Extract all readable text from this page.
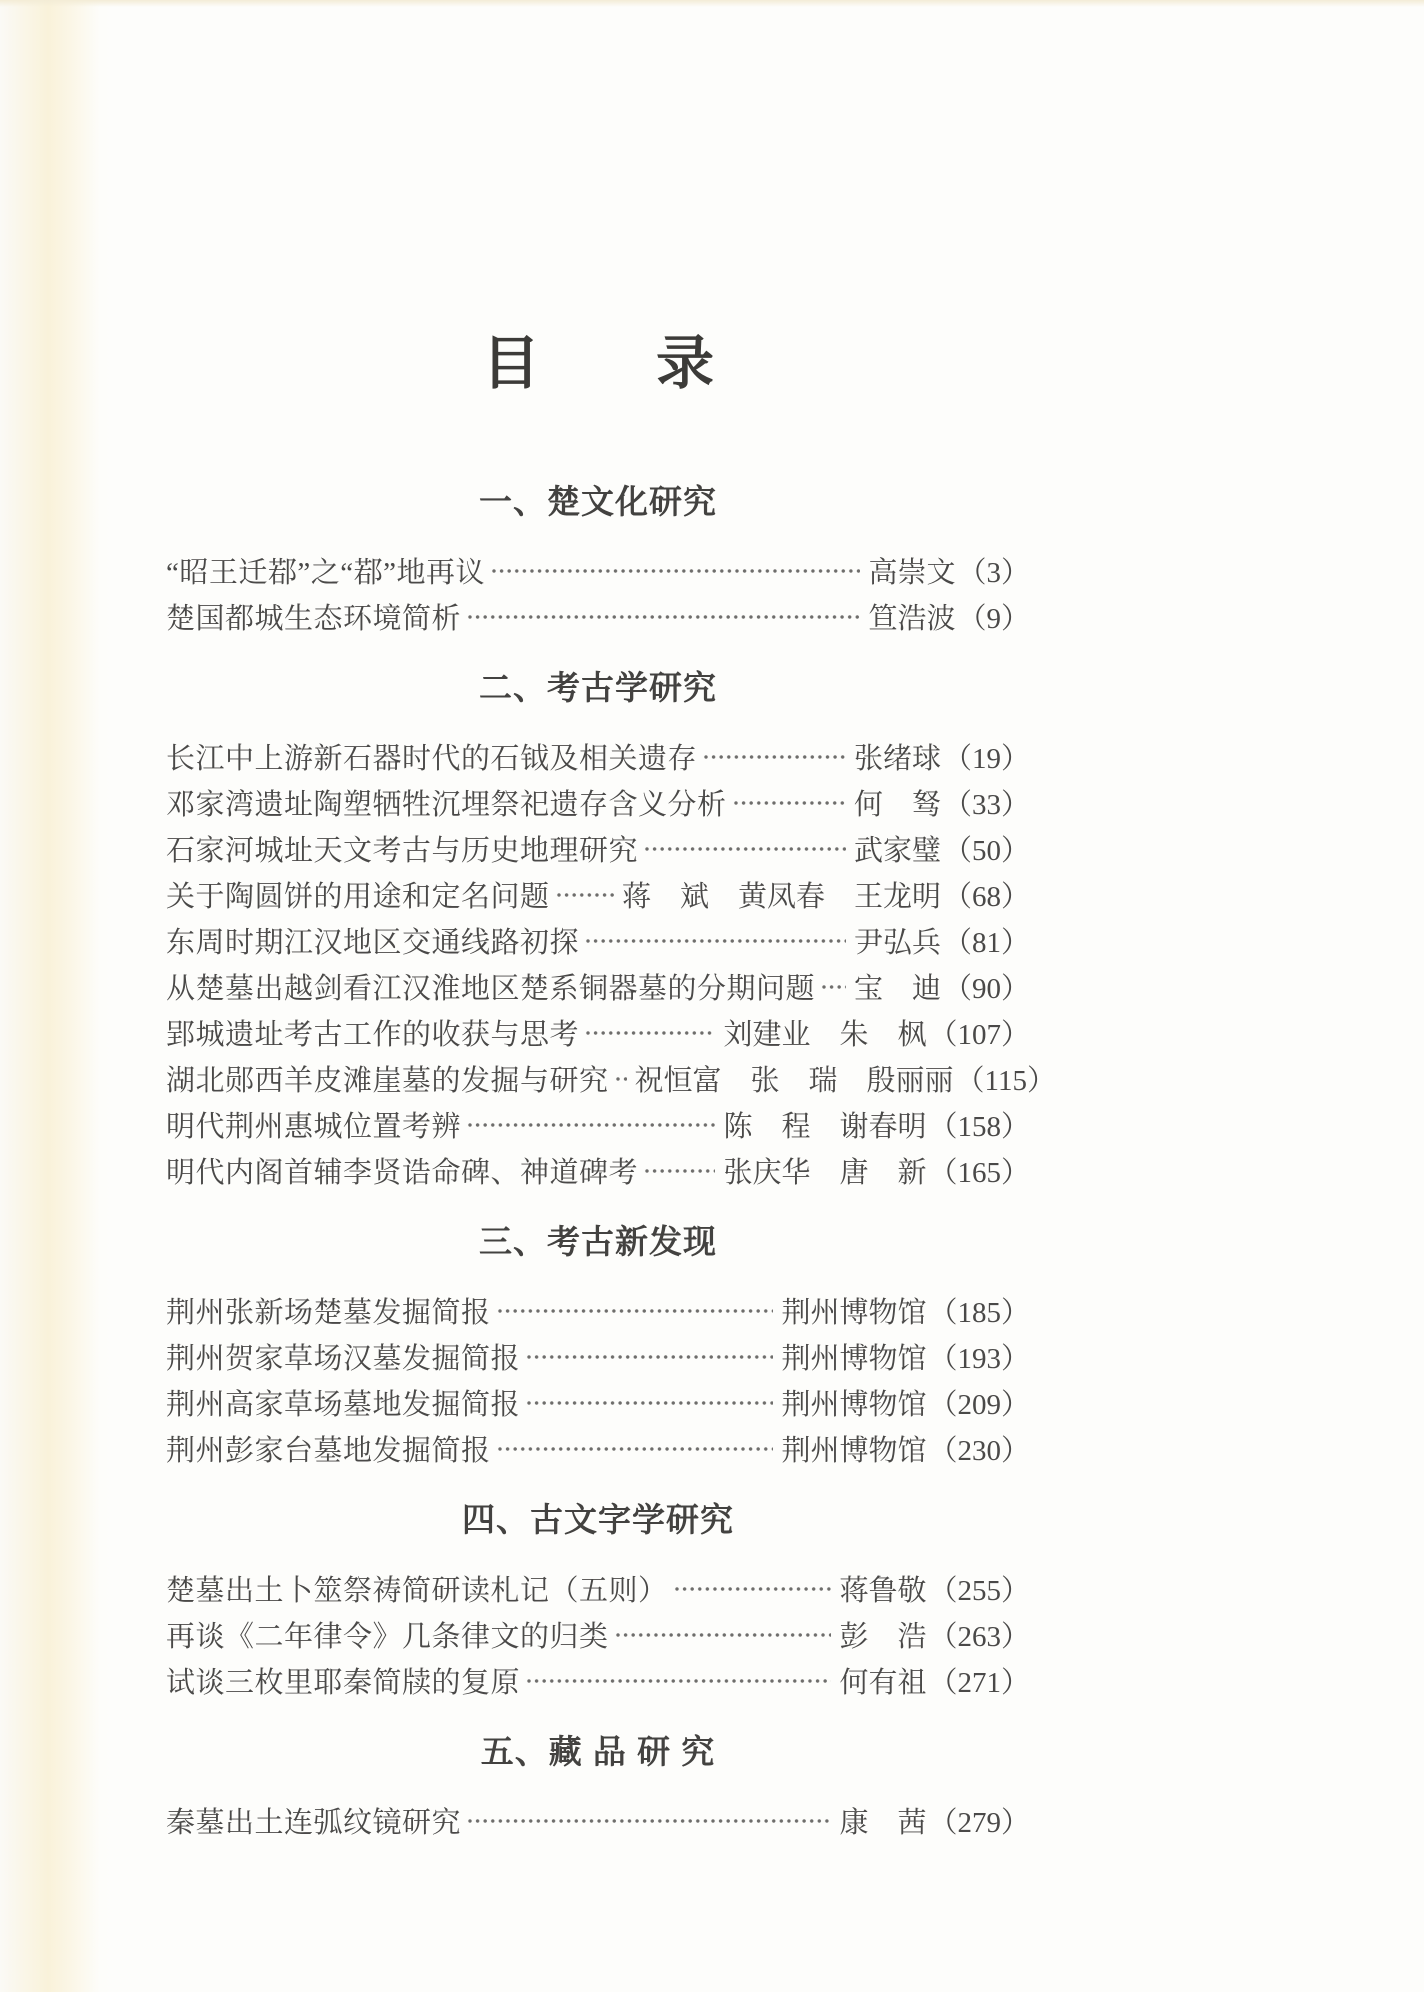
目　　录
一、楚文化研究
“昭王迁鄀”之“鄀”地再议	高崇文 （3）
楚国都城生态环境简析	笪浩波 （9）
二、考古学研究
长江中上游新石器时代的石钺及相关遗存	张绪球 （19）
邓家湾遗址陶塑牺牲沉埋祭祀遗存含义分析	何　驽 （33）
石家河城址天文考古与历史地理研究	武家璧 （50）
关于陶圆饼的用途和定名问题 蒋　斌　黄凤春　王龙明 （68）
东周时期江汉地区交通线路初探	尹弘兵 （81）
从楚墓出越剑看江汉淮地区楚系铜器墓的分期问题 宝　迪 （90）
郢城遗址考古工作的收获与思考	刘建业　朱　枫 （107）
湖北郧西羊皮滩崖墓的发掘与研究 祝恒富　张　瑞　殷丽丽 （115）
明代荆州惠城位置考辨	陈　程　谢春明 （158）
明代内阁首辅李贤诰命碑、神道碑考	张庆华　唐　新 （165）
三、考古新发现
荆州张新场楚墓发掘简报	荆州博物馆 （185）
荆州贺家草场汉墓发掘简报	荆州博物馆 （193）
荆州高家草场墓地发掘简报	荆州博物馆 （209）
荆州彭家台墓地发掘简报	荆州博物馆 （230）
四、古文字学研究
楚墓出土卜筮祭祷简研读札记（五则）	蒋鲁敬 （255）
再谈《二年律令》几条律文的归类	彭　浩 （263）
试谈三枚里耶秦简牍的复原	何有祖 （271）
五、藏 品 研 究
秦墓出土连弧纹镜研究	康　茜 （279）
